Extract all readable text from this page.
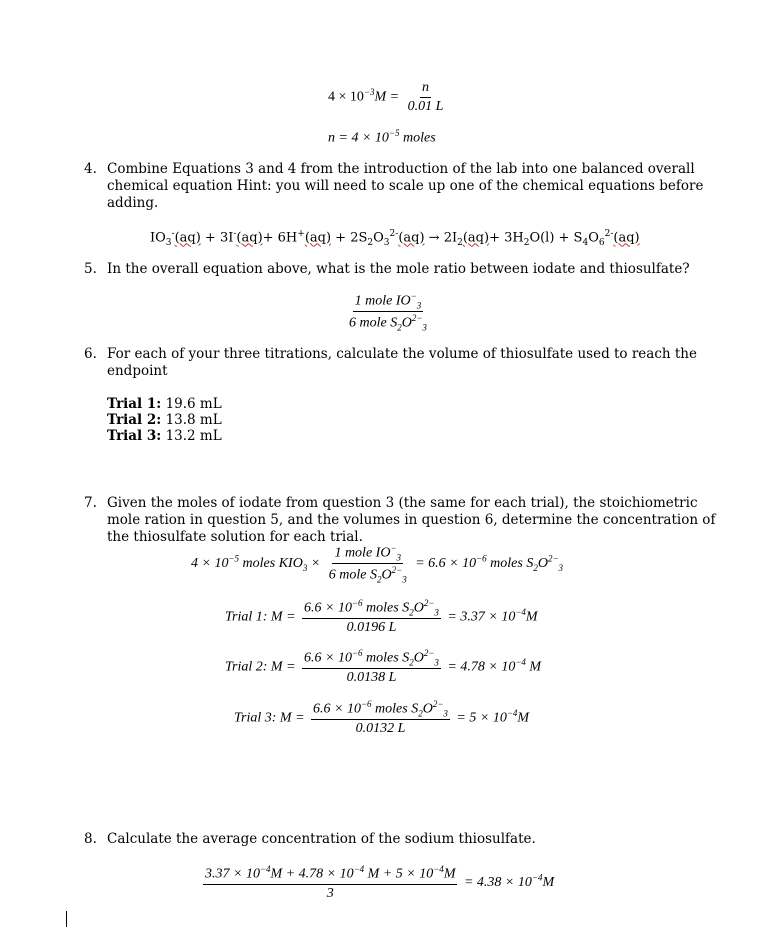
$4 \times 10^{-3}M = \frac{n}{0.01 L}$
$n = 4 \times 10^{-5}$ moles
4. Combine Equations 3 and 4 from the introduction of the lab into one balanced overall chemical equation Hint: you will need to scale up one of the chemical equations before adding.
$IO_3^-(aq) + 3I^-(aq)+ 6H^+(aq) + 2S_2O_3^{2-}(aq) \to 2I_2(aq)+ 3H_2O(l) + S_4O_6^{2-}(aq)$
5. In the overall equation above, what is the mole ratio between iodate and thiosulfate?
$\frac{1 mole IO^-_3}{6 mole S_2O^{2-}_3}$
6. For each of your three titrations, calculate the volume of thiosulfate used to reach the endpoint
Trial 1: 19.6 mL
Trial 2: 13.8 mL
Trial 3: 13.2 mL
7. Given the moles of iodate from question 3 (the same for each trial), the stoichiometric mole ration in question 5, and the volumes in question 6, determine the concentration of the thiosulfate solution for each trial.
$4 \times 10^{-5}$ moles $KIO_3 \times \frac{1 mole IO^-_3}{6 mole S_2O^{2-}_3} = 6.6 \times 10^{-6}$ moles $S_2O^{2-}_3$
Trial 1: $M = \frac{6.6 \times 10^{-6} moles S_2O^{2-}_3}{0.0196 L} = 3.37 \times 10^{-4}M$
Trial 2: $M = \frac{6.6 \times 10^{-6} moles S_2O^{2-}_3}{0.0138 L} = 4.78 \times 10^{-4}$ M
Trial 3: $M = \frac{6.6 \times 10^{-6} moles S_2O^{2-}_3}{0.0132 L} = 5 \times 10^{-4}M$
8. Calculate the average concentration of the sodium thiosulfate.
$\frac{3.37 \times 10^{-4}M + 4.78 \times 10^{-4} M + 5 \times 10^{-4}M}{3} = 4.38 \times 10^{-4}M$
